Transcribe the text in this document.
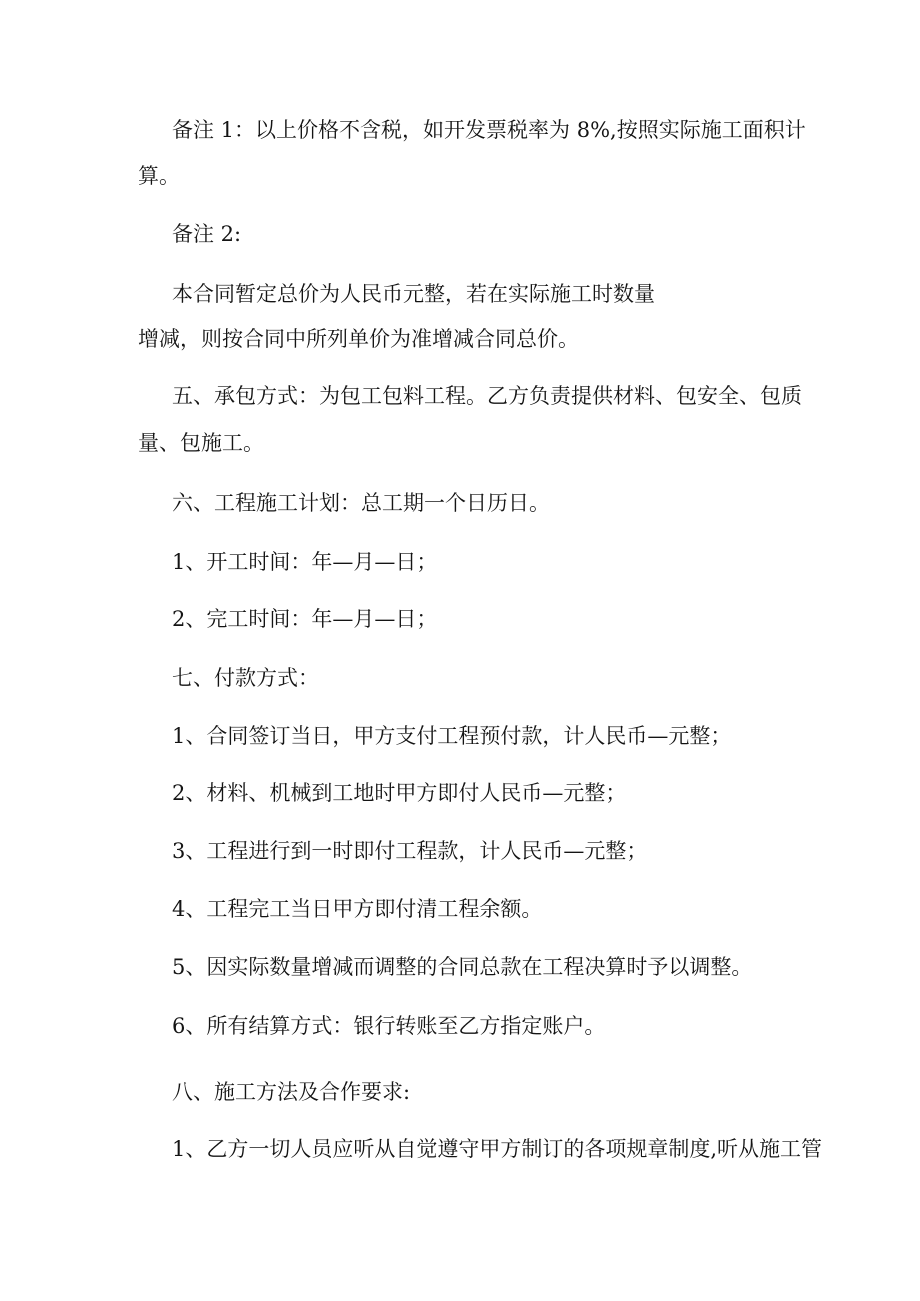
备注 1：以上价格不含税，如开发票税率为 8%,按照实际施工面积计

算。

备注 2:

本合同暂定总价为人民币元整，若在实际施工时数量

增减，则按合同中所列单价为准增减合同总价。

五、承包方式：为包工包料工程。乙方负责提供材料、包安全、包质

量、包施工。

六、工程施工计划：总工期一个日历日。

1、开工时间：年—月—日；

2、完工时间：年—月—日；

七、付款方式：

1、合同签订当日，甲方支付工程预付款，计人民币—元整；

2、材料、机械到工地时甲方即付人民币—元整；

3、工程进行到一时即付工程款，计人民币—元整；

4、工程完工当日甲方即付清工程余额。

5、因实际数量增减而调整的合同总款在工程决算时予以调整。

6、所有结算方式：银行转账至乙方指定账户。

八、施工方法及合作要求:

1、乙方一切人员应听从自觉遵守甲方制订的各项规章制度,听从施工管
